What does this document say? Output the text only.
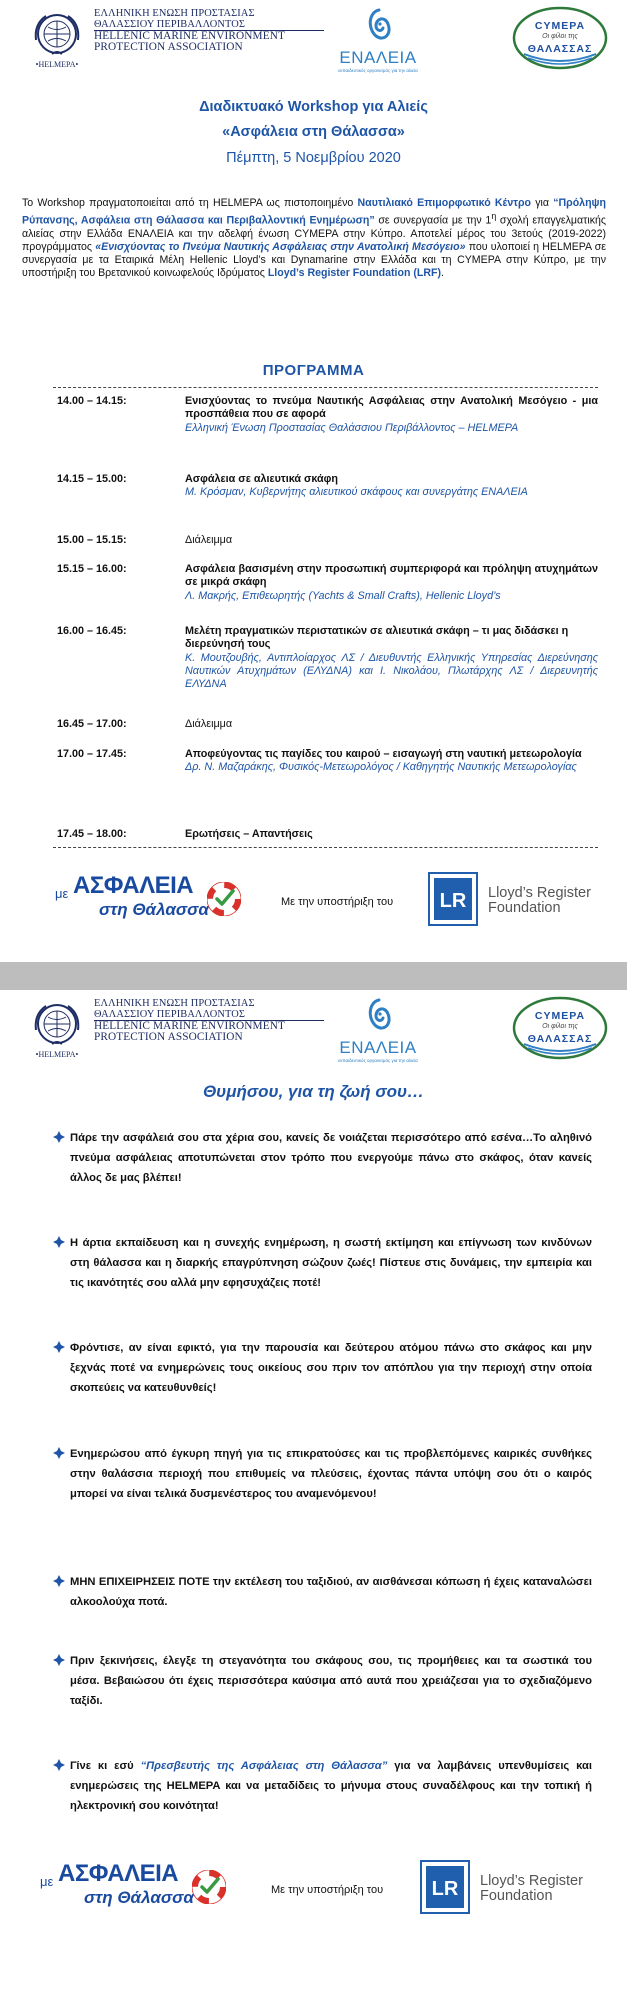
•HELMEPA•
ΕΛΛΗΝΙΚΗ ΕΝΩΣΗ ΠΡΟΣΤΑΣΙΑΣ
ΘΑΛΑΣΣΙΟΥ ΠΕΡΙΒΑΛΛΟΝΤΟΣ
HELLENIC MARINE ENVIRONMENT
PROTECTION ASSOCIATION
ΕΝΑΛΕΙΑ
εκπαιδευτικός οργανισμός για την αλιεία
CYMEPA
Οι φίλοι της
ΘΑΛΑΣΣΑΣ
Διαδικτυακό Workshop για Αλιείς
«Ασφάλεια στη Θάλασσα»
Πέμπτη, 5 Νοεμβρίου 2020
Το Workshop πραγματοποιείται από τη HELMEPA ως πιστοποιημένο Ναυτιλιακό Επιμορφωτικό Κέντρο για “Πρόληψη Ρύπανσης, Ασφάλεια στη Θάλασσα και Περιβαλλοντική Ενημέρωση” σε συνεργασία με την $1^\eta$ σχολή επαγγελματικής αλιείας στην Ελλάδα ΕΝΑΛΕΙΑ και την αδελφή ένωση CYMEPA στην Κύπρο. Αποτελεί μέρος του 3ετούς (2019-2022) προγράμματος «Ενισχύοντας το Πνεύμα Ναυτικής Ασφάλειας στην Ανατολική Μεσόγειο» που υλοποιεί η HELMEPA σε συνεργασία με τα Εταιρικά Μέλη Hellenic Lloyd’s και Dynamarine στην Ελλάδα και τη CYMEPA στην Κύπρο, με την υποστήριξη του Βρετανικού κοινωφελούς Ιδρύματος Lloyd’s Register Foundation (LRF).
ΠΡΟΓΡΑΜΜΑ
14.00 – 14.15:	Ενισχύοντας το πνεύμα Ναυτικής Ασφάλειας στην Ανατολική Μεσόγειο - μια προσπάθεια που σε αφορά
Ελληνική Ένωση Προστασίας Θαλάσσιου Περιβάλλοντος – HELMEPA
14.15 – 15.00:	Ασφάλεια σε αλιευτικά σκάφη
Μ. Κρόσμαν, Κυβερνήτης αλιευτικού σκάφους και συνεργάτης ΕΝΑΛΕΙΑ
15.00 – 15.15:	Διάλειμμα
15.15 – 16.00:	Ασφάλεια βασισμένη στην προσωπική συμπεριφορά και πρόληψη ατυχημάτων σε μικρά σκάφη
Λ. Μακρής, Επιθεωρητής (Yachts & Small Crafts), Hellenic Lloyd’s
16.00 – 16.45:	Μελέτη πραγματικών περιστατικών σε αλιευτικά σκάφη – τι μας διδάσκει η διερεύνησή τους
Κ. Μουτζουβής, Αντιπλοίαρχος ΛΣ / Διευθυντής Ελληνικής Υπηρεσίας Διερεύνησης Ναυτικών Ατυχημάτων (ΕΛΥΔΝΑ) και Ι. Νικολάου, Πλωτάρχης ΛΣ / Διερευνητής ΕΛΥΔΝΑ
16.45 – 17.00:	Διάλειμμα
17.00 – 17.45:	Αποφεύγοντας τις παγίδες του καιρού – εισαγωγή στη ναυτική μετεωρολογία
Δρ. Ν. Μαζαράκης, Φυσικός-Μετεωρολόγος / Καθηγητής Ναυτικής Μετεωρολογίας
17.45 – 18.00:	Ερωτήσεις – Απαντήσεις
με ΑΣΦΑΛΕΙΑ
στη Θάλασσα	Με την υποστήριξη του LR Lloyd’s Register
Foundation
•HELMEPA•
ΕΛΛΗΝΙΚΗ ΕΝΩΣΗ ΠΡΟΣΤΑΣΙΑΣ
ΘΑΛΑΣΣΙΟΥ ΠΕΡΙΒΑΛΛΟΝΤΟΣ
HELLENIC MARINE ENVIRONMENT
PROTECTION ASSOCIATION
ΕΝΑΛΕΙΑ
εκπαιδευτικός οργανισμός για την αλιεία
CYMEPA
Οι φίλοι της
ΘΑΛΑΣΣΑΣ
Θυμήσου, για τη ζωή σου…
Πάρε την ασφάλειά σου στα χέρια σου, κανείς δε νοιάζεται περισσότερο από εσένα…Το αληθινό πνεύμα ασφάλειας αποτυπώνεται στον τρόπο που ενεργούμε πάνω στο σκάφος, όταν κανείς άλλος δε μας βλέπει!
Η άρτια εκπαίδευση και η συνεχής ενημέρωση, η σωστή εκτίμηση και επίγνωση των κινδύνων στη θάλασσα και η διαρκής επαγρύπνηση σώζουν ζωές! Πίστευε στις δυνάμεις, την εμπειρία και τις ικανότητές σου αλλά μην εφησυχάζεις ποτέ!
Φρόντισε, αν είναι εφικτό, για την παρουσία και δεύτερου ατόμου πάνω στο σκάφος και μην ξεχνάς ποτέ να ενημερώνεις τους οικείους σου πριν τον απόπλου για την περιοχή στην οποία σκοπεύεις να κατευθυνθείς!
Ενημερώσου από έγκυρη πηγή για τις επικρατούσες και τις προβλεπόμενες καιρικές συνθήκες στην θαλάσσια περιοχή που επιθυμείς να πλεύσεις, έχοντας πάντα υπόψη σου ότι ο καιρός μπορεί να είναι τελικά δυσμενέστερος του αναμενόμενου!
ΜΗΝ ΕΠΙΧΕΙΡΗΣΕΙΣ ΠΟΤΕ την εκτέλεση του ταξιδιού, αν αισθάνεσαι κόπωση ή έχεις καταναλώσει αλκοολούχα ποτά.
Πριν ξεκινήσεις, έλεγξε τη στεγανότητα του σκάφους σου, τις προμήθειες και τα σωστικά του μέσα. Βεβαιώσου ότι έχεις περισσότερα καύσιμα από αυτά που χρειάζεσαι για το σχεδιαζόμενο ταξίδι.
Γίνε κι εσύ “Πρεσβευτής της Ασφάλειας στη Θάλασσα” για να λαμβάνεις υπενθυμίσεις και ενημερώσεις της HELMEPA και να μεταδίδεις το μήνυμα στους συναδέλφους και την τοπική ή ηλεκτρονική σου κοινότητα!
με ΑΣΦΑΛΕΙΑ
στη Θάλασσα	Με την υποστήριξη του LR Lloyd’s Register
Foundation
